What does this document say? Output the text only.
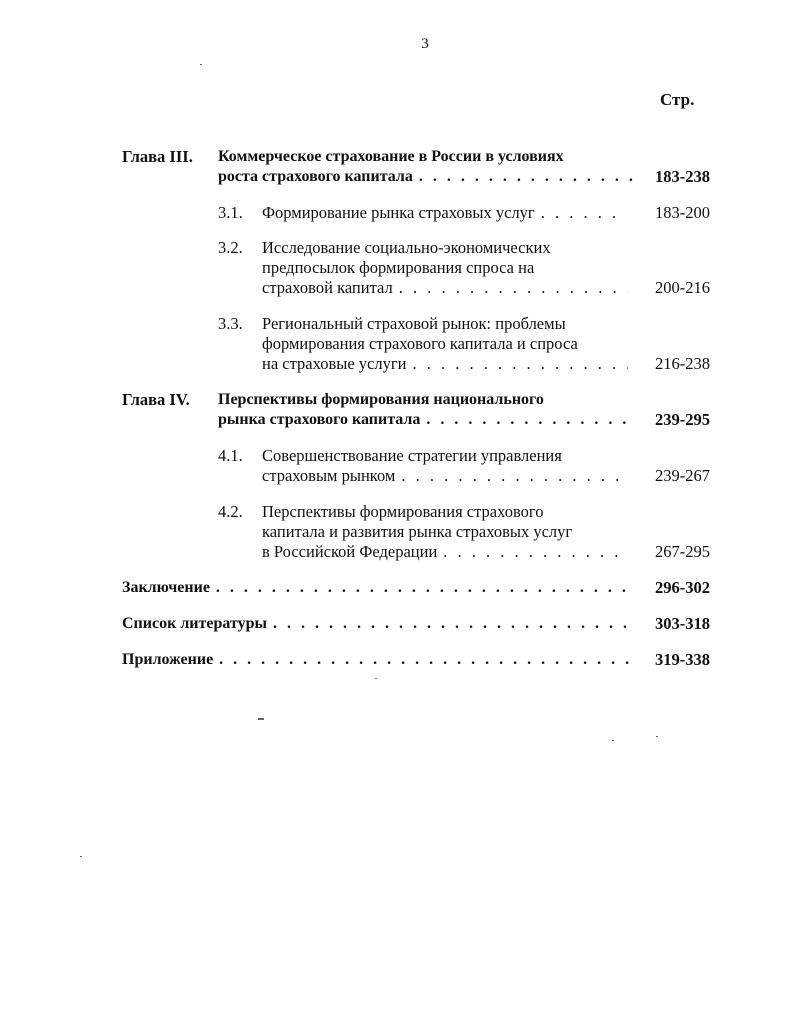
3
Стр.
Глава III. Коммерческое страхование в России в условиях
роста страхового капитала . . .	183-238
3.1. Формирование рынка страховых услуг . . .	183-200
3.2. Исследование социально-экономических
предпосылок формирования спроса на
страховой капитал . . .	200-216
3.3. Региональный страховой рынок: проблемы
формирования страхового капитала и спроса
на страховые услуги . . .	216-238
Глава IV. Перспективы формирования национального
рынка страхового капитала . . .	239-295
4.1. Совершенствование стратегии управления
страховым рынком . . .	239-267
4.2. Перспективы формирования страхового
капитала и развития рынка страховых услуг
в Российской Федерации . . .	267-295
Заключение . . .	296-302
Список литературы . . .	303-318
Приложение . . .	319-338
